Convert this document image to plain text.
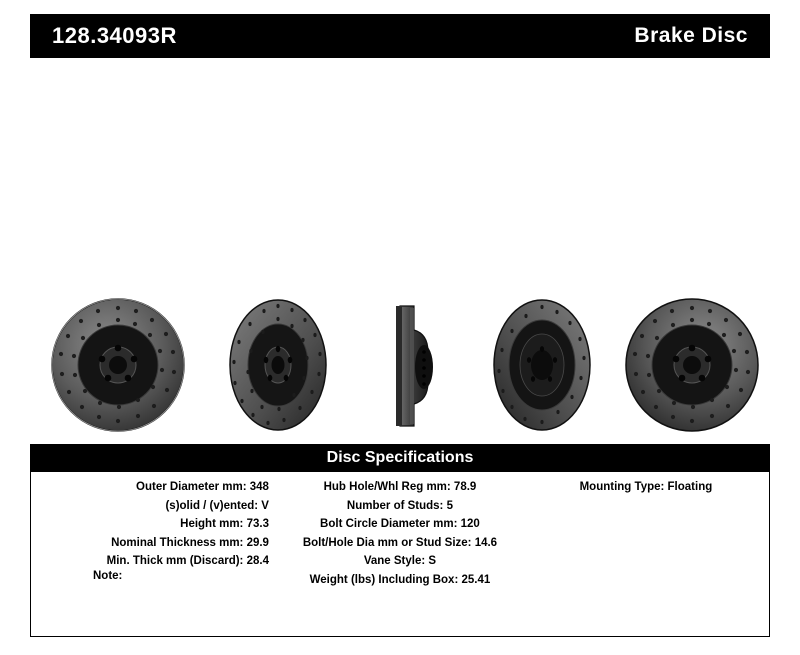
128.34093R	Brake Disc
Disc Specifications
Outer Diameter mm: 348
(s)olid / (v)ented: V
Height mm: 73.3
Nominal Thickness mm: 29.9
Min. Thick mm (Discard): 28.4
Hub Hole/Whl Reg mm: 78.9
Number of Studs: 5
Bolt Circle Diameter mm: 120
Bolt/Hole Dia mm or Stud Size: 14.6
Vane Style: S
Weight (lbs) Including Box: 25.41
Mounting Type: Floating
Note:
